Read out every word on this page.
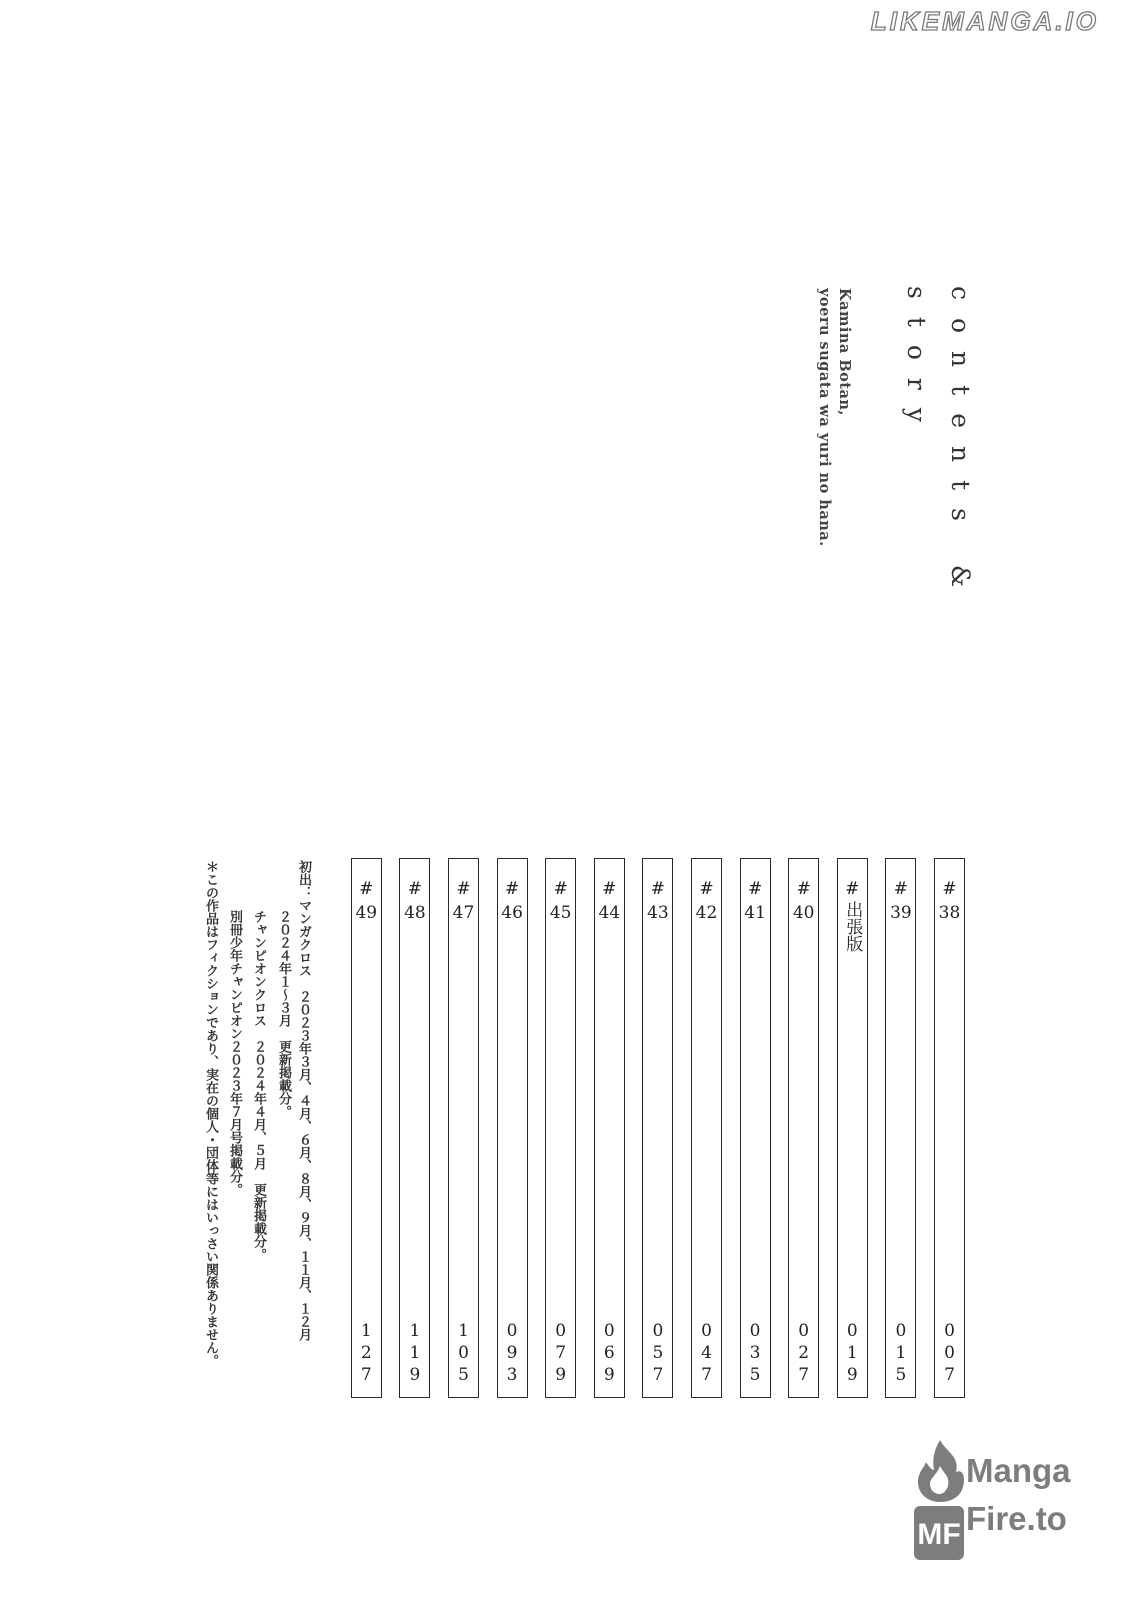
LIKEMANGA.IO
contents &
story
Kamina Botan,
yoeru sugata wa yuri no hana.
#
38
007
#
39
015
#
出張版
019
#
40
027
#
41
035
#
42
047
#
43
057
#
44
069
#
45
079
#
46
093
#
47
105
#
48
119
#
49
127
初出：マンガクロス　２０２３年３月、４月、６月、８月、９月、１１月、１２月
２０２４年１〜３月　更新掲載分。
チャンピオンクロス　２０２４年４月、５月　更新掲載分。
別冊少年チャンピオン２０２３年７月号掲載分。
＊この作品はフィクションであり、実在の個人・団体等にはいっさい関係ありません。
MF
Manga
Fire.to
